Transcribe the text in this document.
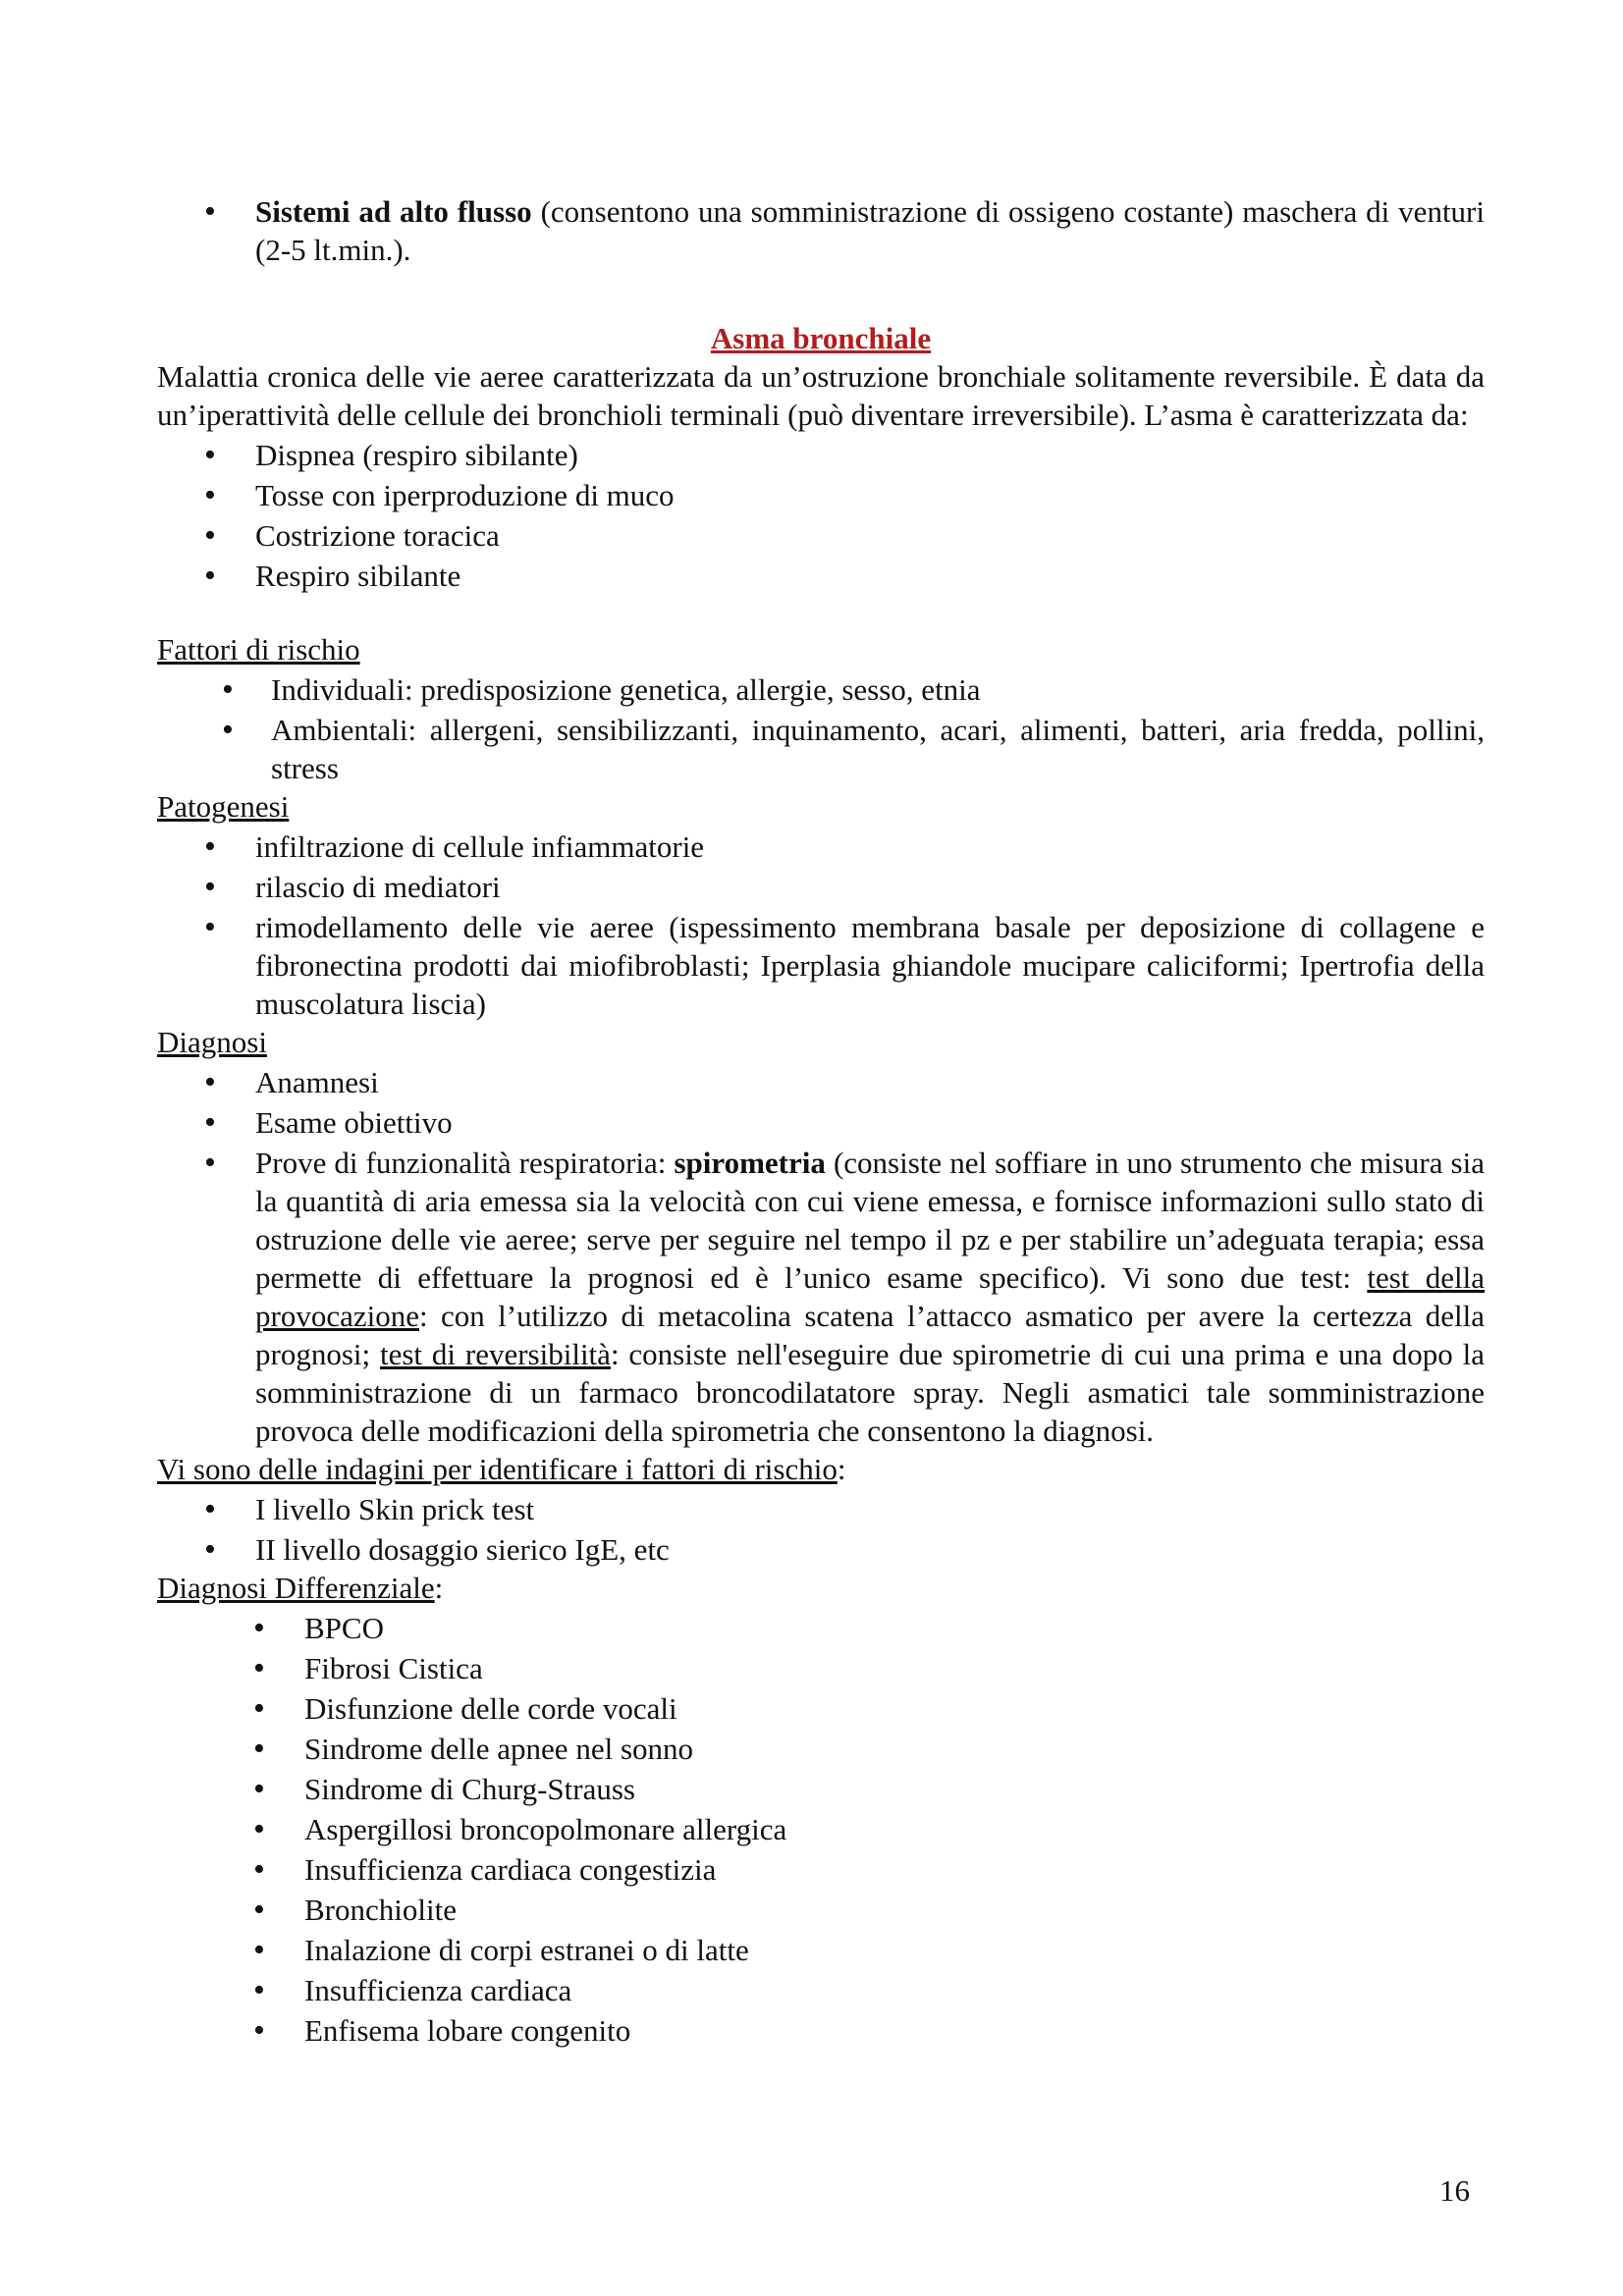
• Sistemi ad alto flusso (consentono una somministrazione di ossigeno costante) maschera di venturi (2-5 lt.min.).
Asma bronchiale
Malattia cronica delle vie aeree caratterizzata da un’ostruzione bronchiale solitamente reversibile. È data da un’iperattività delle cellule dei bronchioli terminali (può diventare irreversibile). L’asma è caratterizzata da:
• Dispnea (respiro sibilante)
• Tosse con iperproduzione di muco
• Costrizione toracica
• Respiro sibilante
Fattori di rischio
• Individuali: predisposizione genetica, allergie, sesso, etnia
• Ambientali: allergeni, sensibilizzanti, inquinamento, acari, alimenti, batteri, aria fredda, pollini, stress
Patogenesi
• infiltrazione di cellule infiammatorie
• rilascio di mediatori
• rimodellamento delle vie aeree (ispessimento membrana basale per deposizione di collagene e fibronectina prodotti dai miofibroblasti; Iperplasia ghiandole mucipare caliciformi; Ipertrofia della muscolatura liscia)
Diagnosi
• Anamnesi
• Esame obiettivo
• Prove di funzionalità respiratoria: spirometria (consiste nel soffiare in uno strumento che misura sia la quantità di aria emessa sia la velocità con cui viene emessa, e fornisce informazioni sullo stato di ostruzione delle vie aeree; serve per seguire nel tempo il pz e per stabilire un’adeguata terapia; essa permette di effettuare la prognosi ed è l’unico esame specifico). Vi sono due test: test della provocazione: con l’utilizzo di metacolina scatena l’attacco asmatico per avere la certezza della prognosi; test di reversibilità: consiste nell'eseguire due spirometrie di cui una prima e una dopo la somministrazione di un farmaco broncodilatatore spray. Negli asmatici tale somministrazione provoca delle modificazioni della spirometria che consentono la diagnosi.
Vi sono delle indagini per identificare i fattori di rischio:
• I livello Skin prick test
• II livello dosaggio sierico IgE, etc
Diagnosi Differenziale:
• BPCO
• Fibrosi Cistica
• Disfunzione delle corde vocali
• Sindrome delle apnee nel sonno
• Sindrome di Churg-Strauss
• Aspergillosi broncopolmonare allergica
• Insufficienza cardiaca congestizia
• Bronchiolite
• Inalazione di corpi estranei o di latte
• Insufficienza cardiaca
• Enfisema lobare congenito
16
